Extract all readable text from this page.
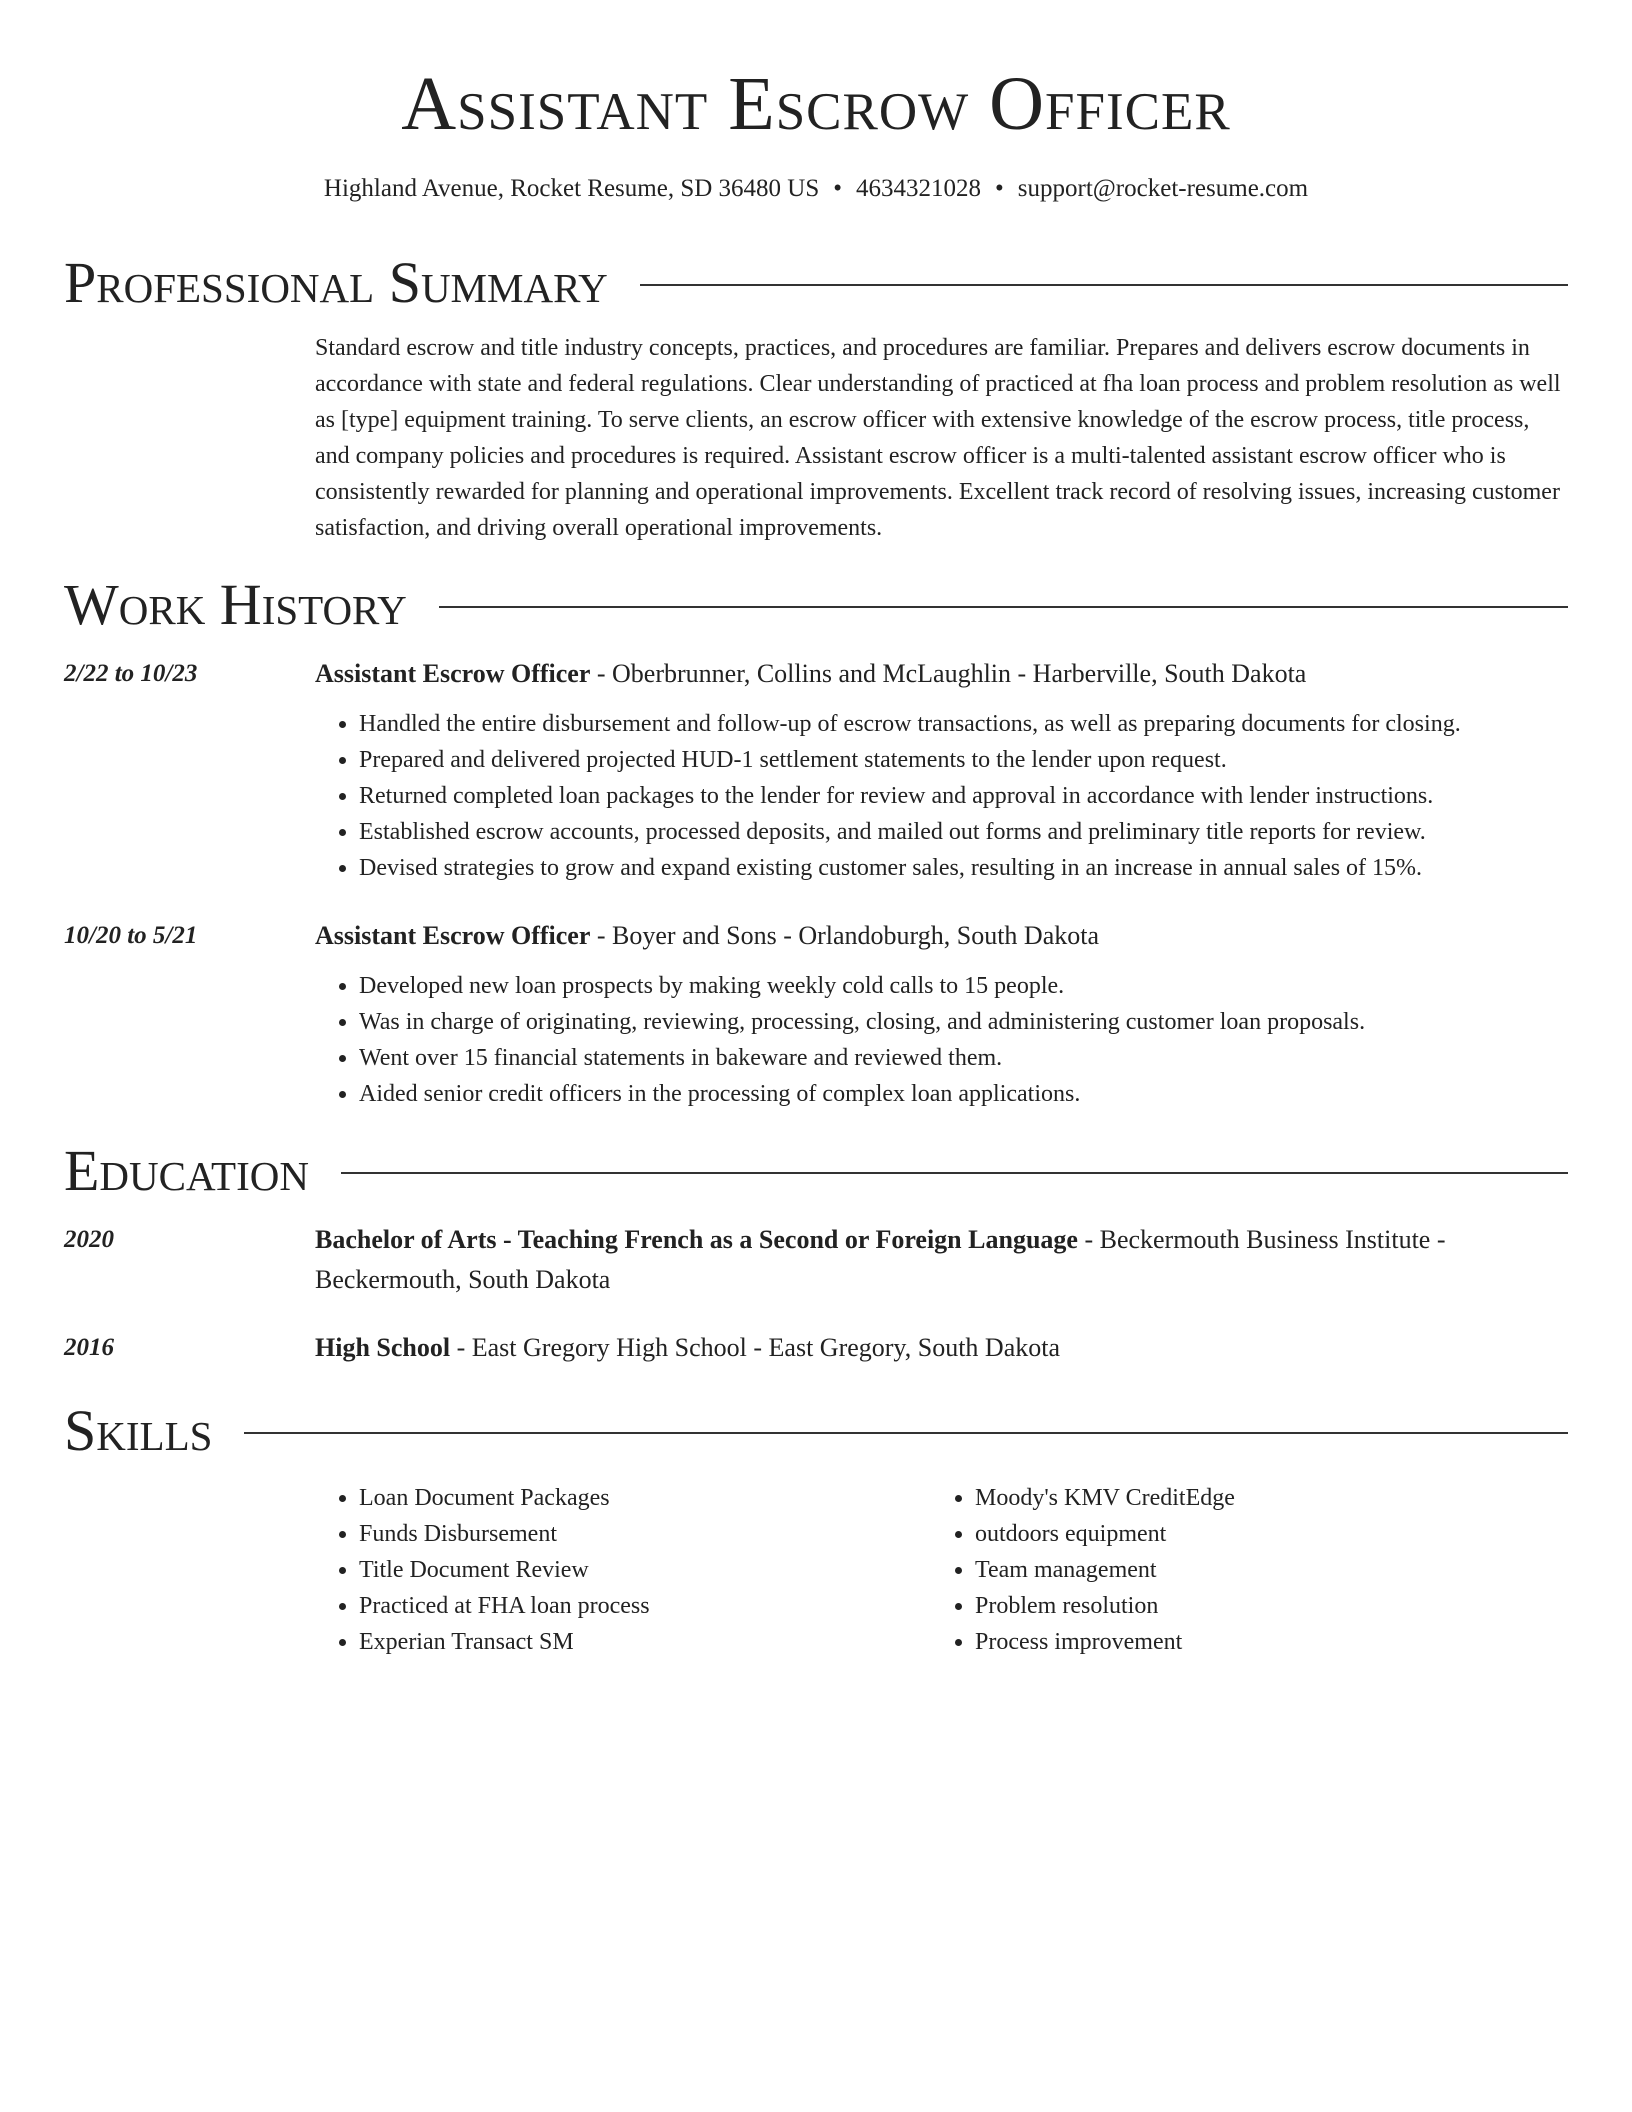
Assistant Escrow Officer
Highland Avenue, Rocket Resume, SD 36480 US • 4634321028 • support@rocket-resume.com
Professional Summary
Standard escrow and title industry concepts, practices, and procedures are familiar. Prepares and delivers escrow documents in accordance with state and federal regulations. Clear understanding of practiced at fha loan process and problem resolution as well as [type] equipment training. To serve clients, an escrow officer with extensive knowledge of the escrow process, title process, and company policies and procedures is required. Assistant escrow officer is a multi-talented assistant escrow officer who is consistently rewarded for planning and operational improvements. Excellent track record of resolving issues, increasing customer satisfaction, and driving overall operational improvements.
Work History
2/22 to 10/23	Assistant Escrow Officer - Oberbrunner, Collins and McLaughlin - Harberville, South Dakota
• Handled the entire disbursement and follow-up of escrow transactions, as well as preparing documents for closing.
• Prepared and delivered projected HUD-1 settlement statements to the lender upon request.
• Returned completed loan packages to the lender for review and approval in accordance with lender instructions.
• Established escrow accounts, processed deposits, and mailed out forms and preliminary title reports for review.
• Devised strategies to grow and expand existing customer sales, resulting in an increase in annual sales of 15%.
10/20 to 5/21	Assistant Escrow Officer - Boyer and Sons - Orlandoburgh, South Dakota
• Developed new loan prospects by making weekly cold calls to 15 people.
• Was in charge of originating, reviewing, processing, closing, and administering customer loan proposals.
• Went over 15 financial statements in bakeware and reviewed them.
• Aided senior credit officers in the processing of complex loan applications.
Education
2020	Bachelor of Arts - Teaching French as a Second or Foreign Language - Beckermouth Business Institute - Beckermouth, South Dakota
2016	High School - East Gregory High School - East Gregory, South Dakota
Skills
• Loan Document Packages
• Funds Disbursement
• Title Document Review
• Practiced at FHA loan process
• Experian Transact SM
• Moody's KMV CreditEdge
• outdoors equipment
• Team management
• Problem resolution
• Process improvement
